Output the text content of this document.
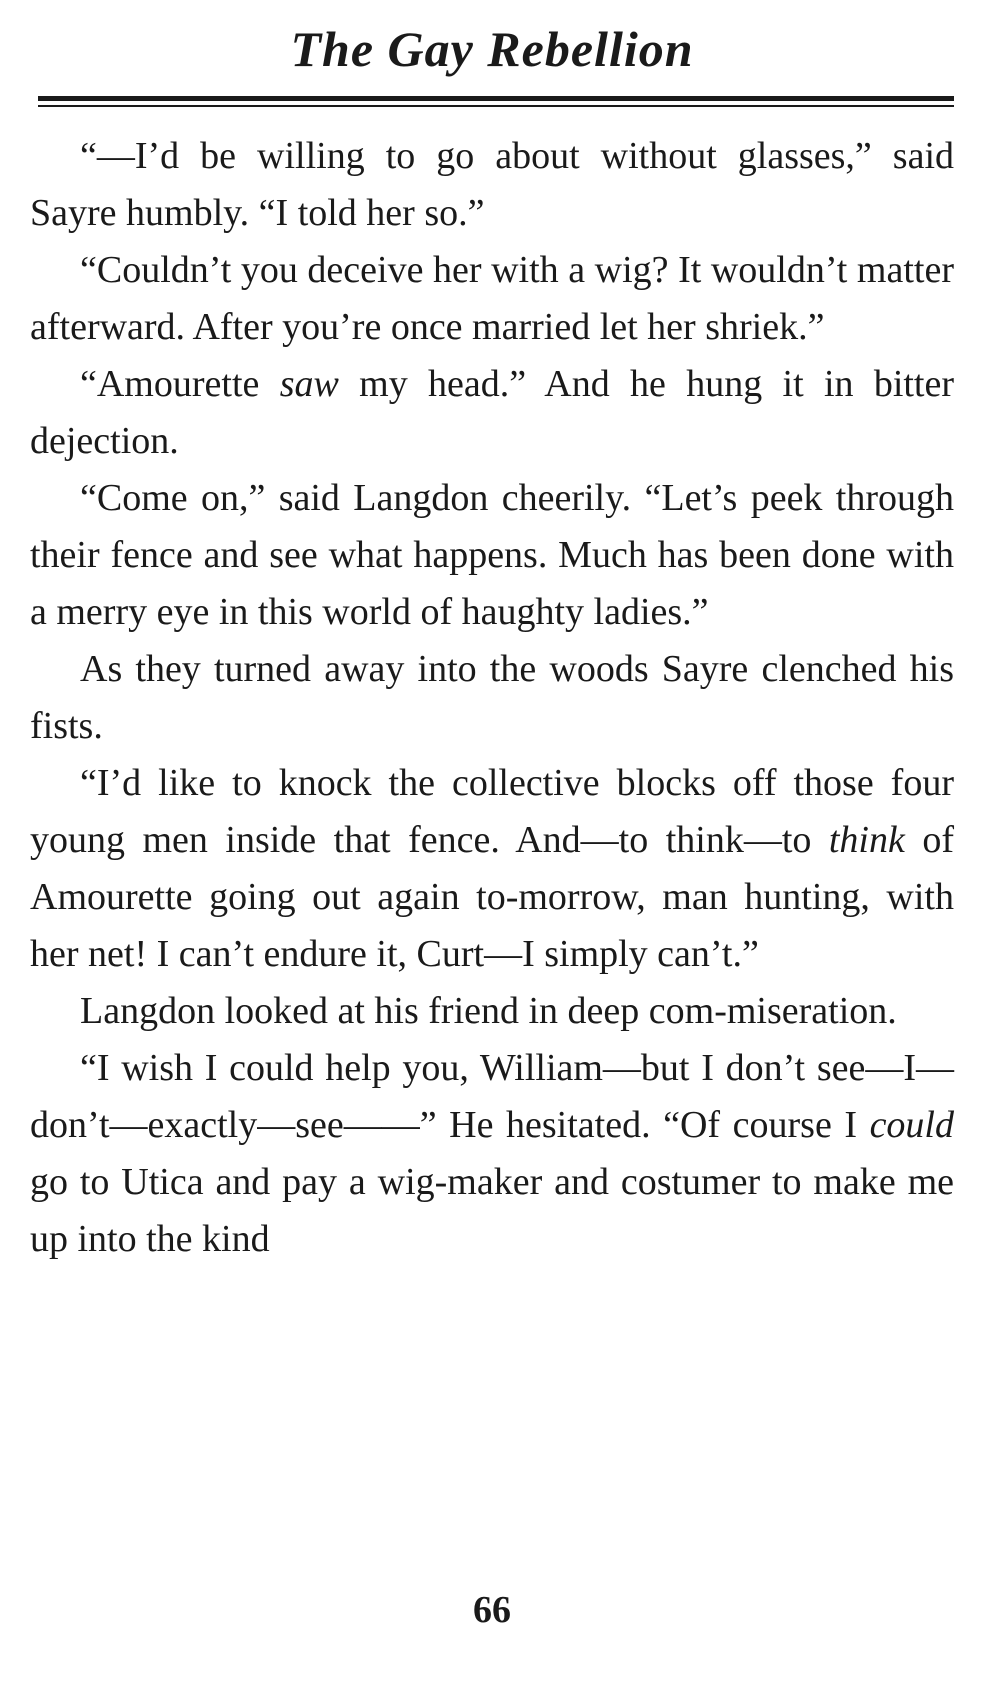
The Gay Rebellion

“—I’d be willing to go about without glasses,” said Sayre humbly. “I told her so.”

“Couldn’t you deceive her with a wig? It wouldn’t matter afterward. After you’re once married let her shriek.”

“Amourette saw my head.” And he hung it in bitter dejection.

“Come on,” said Langdon cheerily. “Let’s peek through their fence and see what happens. Much has been done with a merry eye in this world of haughty ladies.”

As they turned away into the woods Sayre clenched his fists.

“I’d like to knock the collective blocks off those four young men inside that fence. And—to think—to think of Amourette going out again to-morrow, man hunting, with her net! I can’t endure it, Curt—I simply can’t.”

Langdon looked at his friend in deep com-miseration.

“I wish I could help you, William—but I don’t see—I—don’t—exactly—see——” He hesitated. “Of course I could go to Utica and pay a wig-maker and costumer to make me up into the kind

66
